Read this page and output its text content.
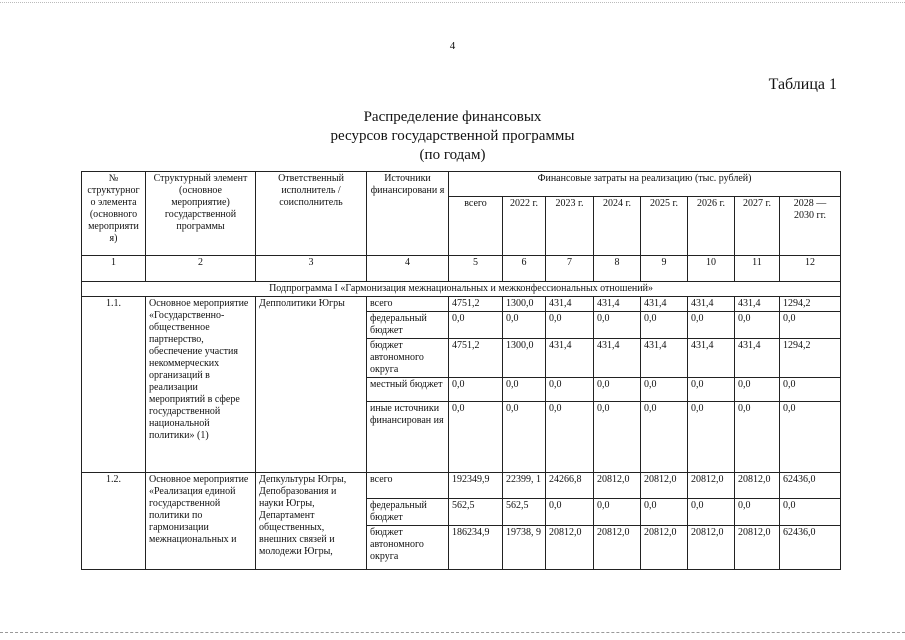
4
Таблица 1
Распределение финансовых
ресурсов государственной программы
(по годам)
№ структурног о элемента (основного мероприяти я)	Структурный элемент (основное мероприятие) государственной программы	Ответственный исполнитель / соисполнитель	Источники финансировани я	Финансовые затраты на реализацию (тыс. рублей)							
				всего	2022 г.	2023 г.	2024 г.	2025 г.	2026 г.	2027 г.	2028 — 2030 гг.
1	2	3	4	5	6	7	8	9	10	11	12
Подпрограмма I «Гармонизация межнациональных и межконфессиональных отношений»											
1.1.	Основное мероприятие «Государственно-общественное партнерство, обеспечение участия некоммерческих организаций в реализации мероприятий в сфере государственной национальной политики» (1)	Депполитики Югры	всего	4751,2	1300,0	431,4	431,4	431,4	431,4	431,4	1294,2
			федеральный бюджет	0,0	0,0	0,0	0,0	0,0	0,0	0,0	0,0
			бюджет автономного округа	4751,2	1300,0	431,4	431,4	431,4	431,4	431,4	1294,2
			местный бюджет	0,0	0,0	0,0	0,0	0,0	0,0	0,0	0,0
			иные источники финансирован ия	0,0	0,0	0,0	0,0	0,0	0,0	0,0	0,0
1.2.	Основное мероприятие «Реализация единой государственной политики по гармонизации межнациональных и	Депкультуры Югры, Депобразования и науки Югры, Департамент общественных, внешних связей и молодежи Югры,	всего	192349,9	22399, 1	24266,8	20812,0	20812,0	20812,0	20812,0	62436,0
			федеральный бюджет	562,5	562,5	0,0	0,0	0,0	0,0	0,0	0,0
			бюджет автономного округа	186234,9	19738, 9	20812,0	20812,0	20812,0	20812,0	20812,0	62436,0
